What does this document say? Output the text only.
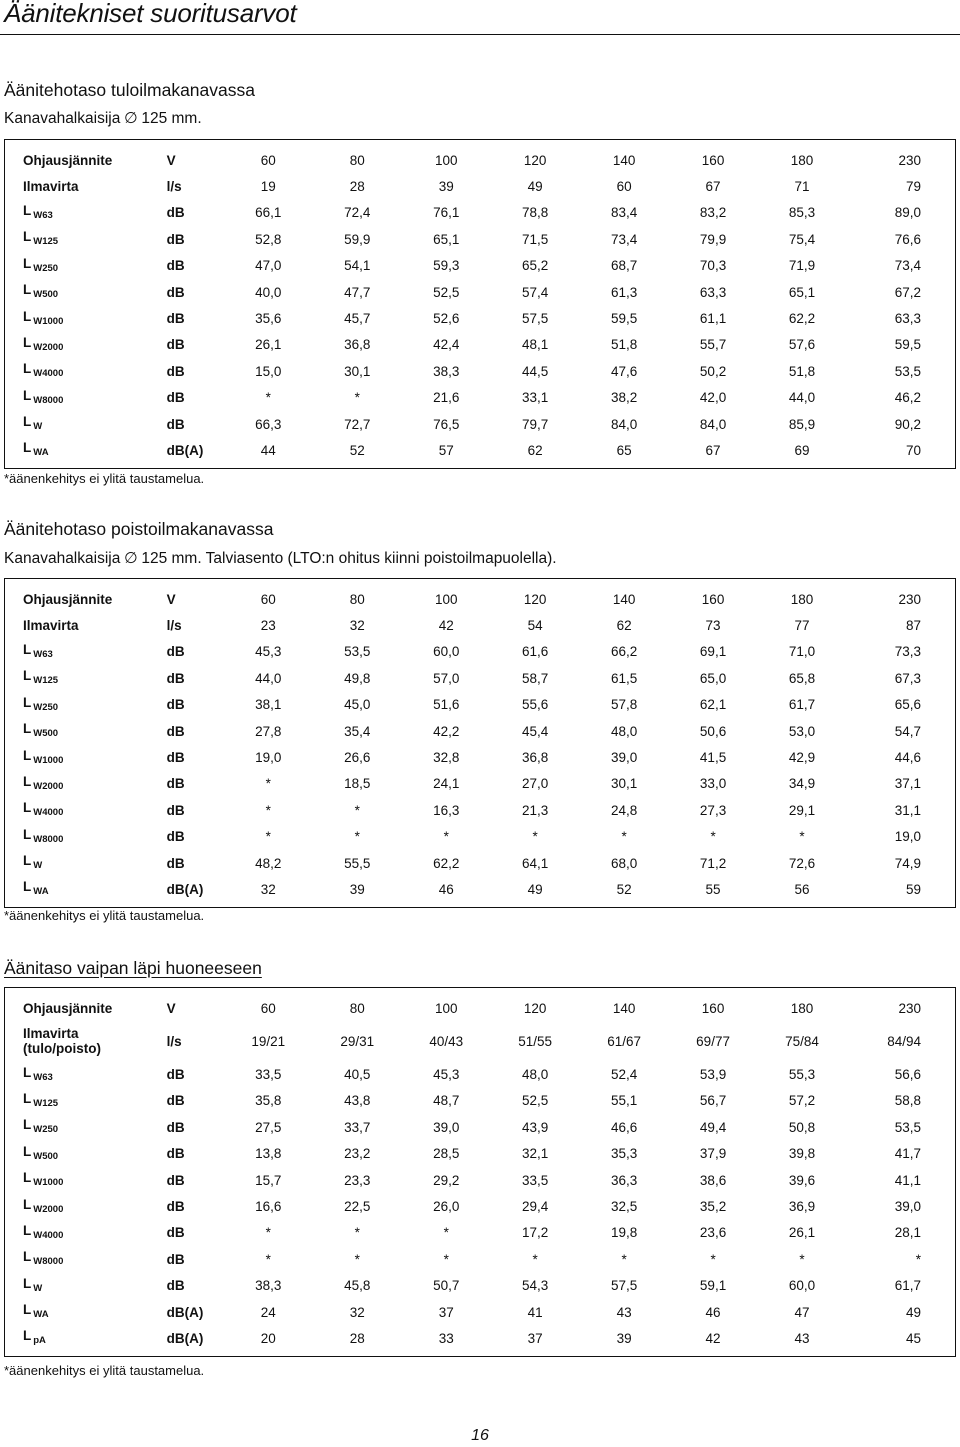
Äänitekniset suoritusarvot
Äänitehotaso tuloilmakanavassa

Kanavahalkaisija ∅ 125 mm.

Ohjausjännite	V	60	80	100	120	140	160	180	230
Ilmavirta	l/s	19	28	39	49	60	67	71	79
L $_{W63}$	dB	66,1	72,4	76,1	78,8	83,4	83,2	85,3	89,0
L $_{W125}$	dB	52,8	59,9	65,1	71,5	73,4	79,9	75,4	76,6
L $_{W250}$	dB	47,0	54,1	59,3	65,2	68,7	70,3	71,9	73,4
L $_{W500}$	dB	40,0	47,7	52,5	57,4	61,3	63,3	65,1	67,2
L $_{W1000}$	dB	35,6	45,7	52,6	57,5	59,5	61,1	62,2	63,3
L $_{W2000}$	dB	26,1	36,8	42,4	48,1	51,8	55,7	57,6	59,5
L $_{W4000}$	dB	15,0	30,1	38,3	44,5	47,6	50,2	51,8	53,5
L $_{W8000}$	dB	*	*	21,6	33,1	38,2	42,0	44,0	46,2
L $_W$	dB	66,3	72,7	76,5	79,7	84,0	84,0	85,9	90,2
L $_{WA}$	dB(A)	44	52	57	62	65	67	69	70

*äänenkehitys ei ylitä taustamelua.

Äänitehotaso poistoilmakanavassa

Kanavahalkaisija ∅ 125 mm. Talviasento (LTO:n ohitus kiinni poistoilmapuolella).

Ohjausjännite	V	60	80	100	120	140	160	180	230
Ilmavirta	l/s	23	32	42	54	62	73	77	87
L $_{W63}$	dB	45,3	53,5	60,0	61,6	66,2	69,1	71,0	73,3
L $_{W125}$	dB	44,0	49,8	57,0	58,7	61,5	65,0	65,8	67,3
L $_{W250}$	dB	38,1	45,0	51,6	55,6	57,8	62,1	61,7	65,6
L $_{W500}$	dB	27,8	35,4	42,2	45,4	48,0	50,6	53,0	54,7
L $_{W1000}$	dB	19,0	26,6	32,8	36,8	39,0	41,5	42,9	44,6
L $_{W2000}$	dB	*	18,5	24,1	27,0	30,1	33,0	34,9	37,1
L $_{W4000}$	dB	*	*	16,3	21,3	24,8	27,3	29,1	31,1
L $_{W8000}$	dB	*	*	*	*	*	*	*	19,0
L $_W$	dB	48,2	55,5	62,2	64,1	68,0	71,2	72,6	74,9
L $_{WA}$	dB(A)	32	39	46	49	52	55	56	59

*äänenkehitys ei ylitä taustamelua.

Äänitaso vaipan läpi huoneeseen
Ohjausjännite	V	60	80	100	120	140	160	180	230
Ilmavirta
(tulo/poisto)	l/s	19/21	29/31	40/43	51/55	61/67	69/77	75/84	84/94
L $_{W63}$	dB	33,5	40,5	45,3	48,0	52,4	53,9	55,3	56,6
L $_{W125}$	dB	35,8	43,8	48,7	52,5	55,1	56,7	57,2	58,8
L $_{W250}$	dB	27,5	33,7	39,0	43,9	46,6	49,4	50,8	53,5
L $_{W500}$	dB	13,8	23,2	28,5	32,1	35,3	37,9	39,8	41,7
L $_{W1000}$	dB	15,7	23,3	29,2	33,5	36,3	38,6	39,6	41,1
L $_{W2000}$	dB	16,6	22,5	26,0	29,4	32,5	35,2	36,9	39,0
L $_{W4000}$	dB	*	*	*	17,2	19,8	23,6	26,1	28,1
L $_{W8000}$	dB	*	*	*	*	*	*	*	*
L $_W$	dB	38,3	45,8	50,7	54,3	57,5	59,1	60,0	61,7
L $_{WA}$	dB(A)	24	32	37	41	43	46	47	49
L $_{pA}$	dB(A)	20	28	33	37	39	42	43	45

*äänenkehitys ei ylitä taustamelua.

16
